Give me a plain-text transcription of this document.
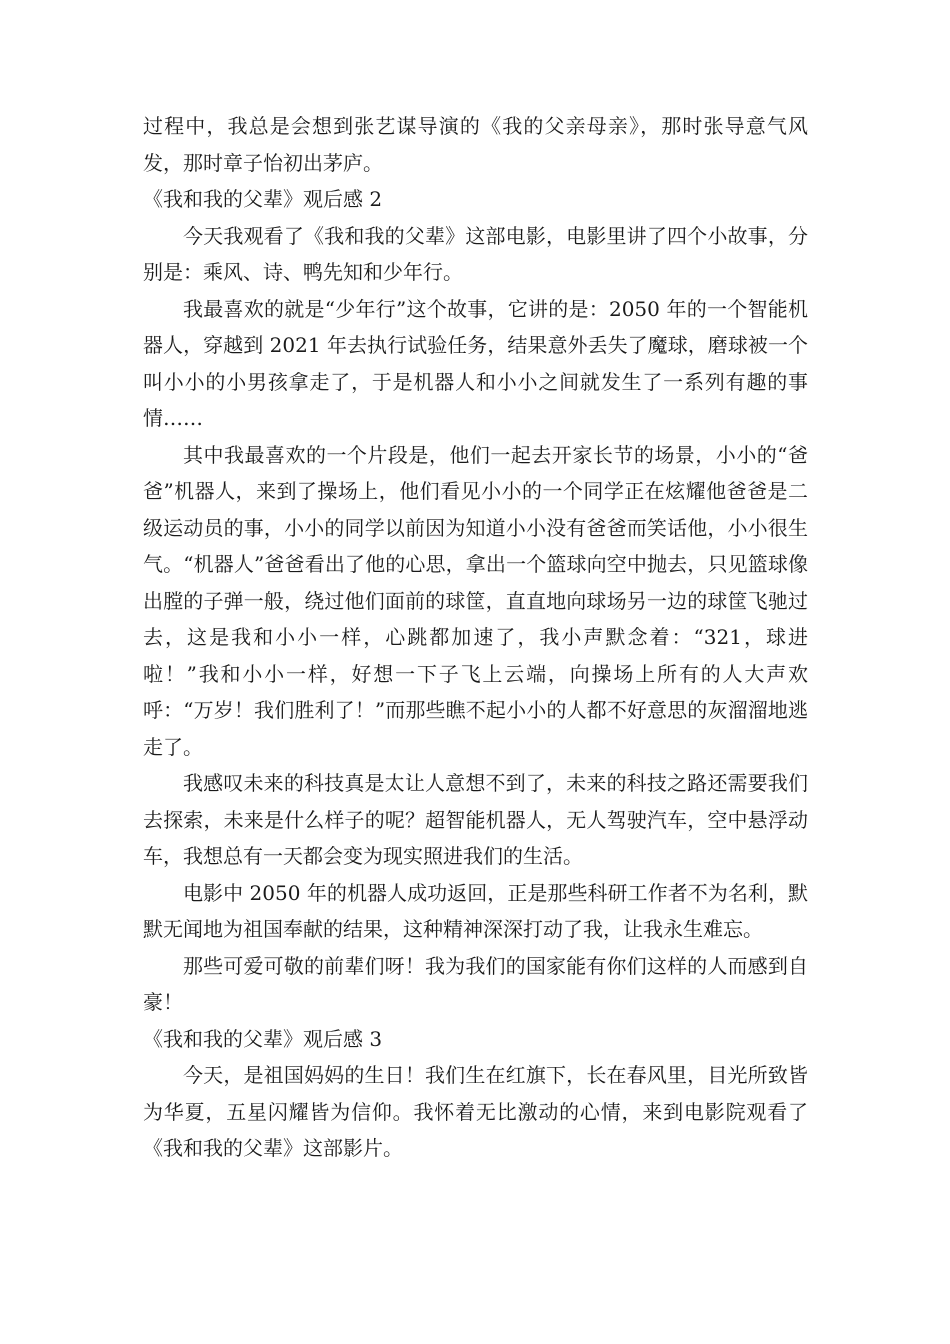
过程中，我总是会想到张艺谋导演的《我的父亲母亲》，那时张导意气风发，那时章子怡初出茅庐。

《我和我的父辈》观后感 2

今天我观看了《我和我的父辈》这部电影，电影里讲了四个小故事，分别是：乘风、诗、鸭先知和少年行。

我最喜欢的就是“少年行”这个故事，它讲的是：2050 年的一个智能机器人，穿越到 2021 年去执行试验任务，结果意外丢失了魔球，磨球被一个叫小小的小男孩拿走了，于是机器人和小小之间就发生了一系列有趣的事情……

其中我最喜欢的一个片段是，他们一起去开家长节的场景，小小的“爸爸”机器人，来到了操场上，他们看见小小的一个同学正在炫耀他爸爸是二级运动员的事，小小的同学以前因为知道小小没有爸爸而笑话他，小小很生气。“机器人”爸爸看出了他的心思，拿出一个篮球向空中抛去，只见篮球像出膛的子弹一般，绕过他们面前的球筐，直直地向球场另一边的球筐飞驰过去，这是我和小小一样，心跳都加速了，我小声默念着：“321，球进啦！”我和小小一样，好想一下子飞上云端，向操场上所有的人大声欢呼：“万岁！我们胜利了！”而那些瞧不起小小的人都不好意思的灰溜溜地逃走了。

我感叹未来的科技真是太让人意想不到了，未来的科技之路还需要我们去探索，未来是什么样子的呢？超智能机器人，无人驾驶汽车，空中悬浮动车，我想总有一天都会变为现实照进我们的生活。

电影中 2050 年的机器人成功返回，正是那些科研工作者不为名利，默默无闻地为祖国奉献的结果，这种精神深深打动了我，让我永生难忘。

那些可爱可敬的前辈们呀！我为我们的国家能有你们这样的人而感到自豪！

《我和我的父辈》观后感 3

今天，是祖国妈妈的生日！我们生在红旗下，长在春风里，目光所致皆为华夏，五星闪耀皆为信仰。我怀着无比激动的心情，来到电影院观看了《我和我的父辈》这部影片。
